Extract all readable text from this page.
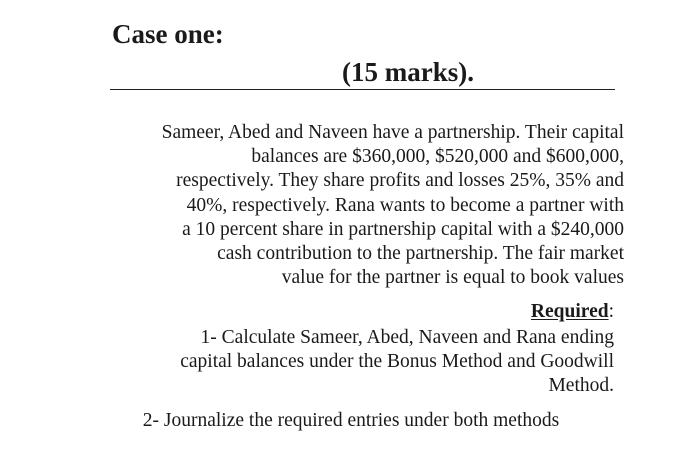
Case one:
(15 marks).
Sameer, Abed and Naveen have a partnership. Their capital
balances are $360,000, $520,000 and $600,000,
respectively. They share profits and losses 25%, 35% and
40%, respectively. Rana wants to become a partner with
a 10 percent share in partnership capital with a $240,000
cash contribution to the partnership. The fair market
value for the partner is equal to book values
Required:
1- Calculate Sameer, Abed, Naveen and Rana ending
capital balances under the Bonus Method and Goodwill
Method.
2- Journalize the required entries under both methods
